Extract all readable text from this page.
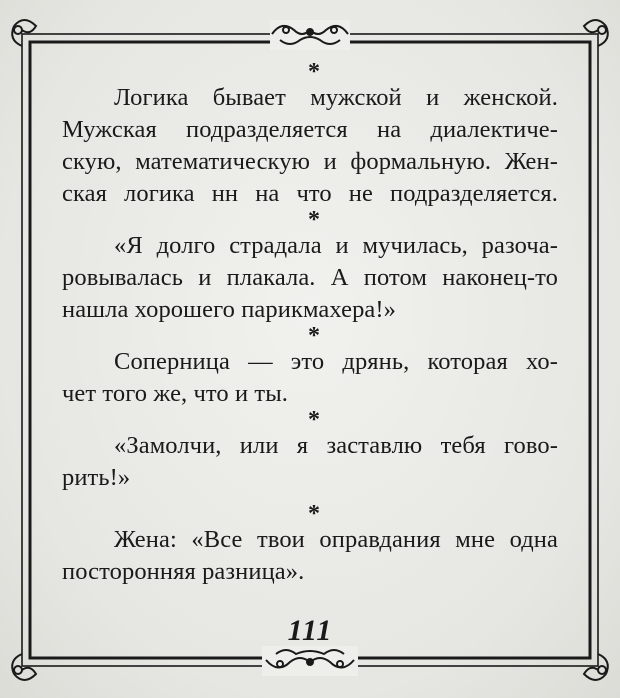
*
Логика бывает мужской и женской.
Мужская подразделяется на диалектиче-
скую, математическую и формальную. Жен-
ская логика нн на что не подразделяется.
*
«Я долго страдала и мучилась, разоча-
ровывалась и плакала. А потом наконец-то
нашла хорошего парикмахера!»
*
Соперница — это дрянь, которая хо-
чет того же, что и ты.
*
«Замолчи, или я заставлю тебя гово-
рить!»
*
Жена: «Все твои оправдания мне одна
посторонняя разница».
111
